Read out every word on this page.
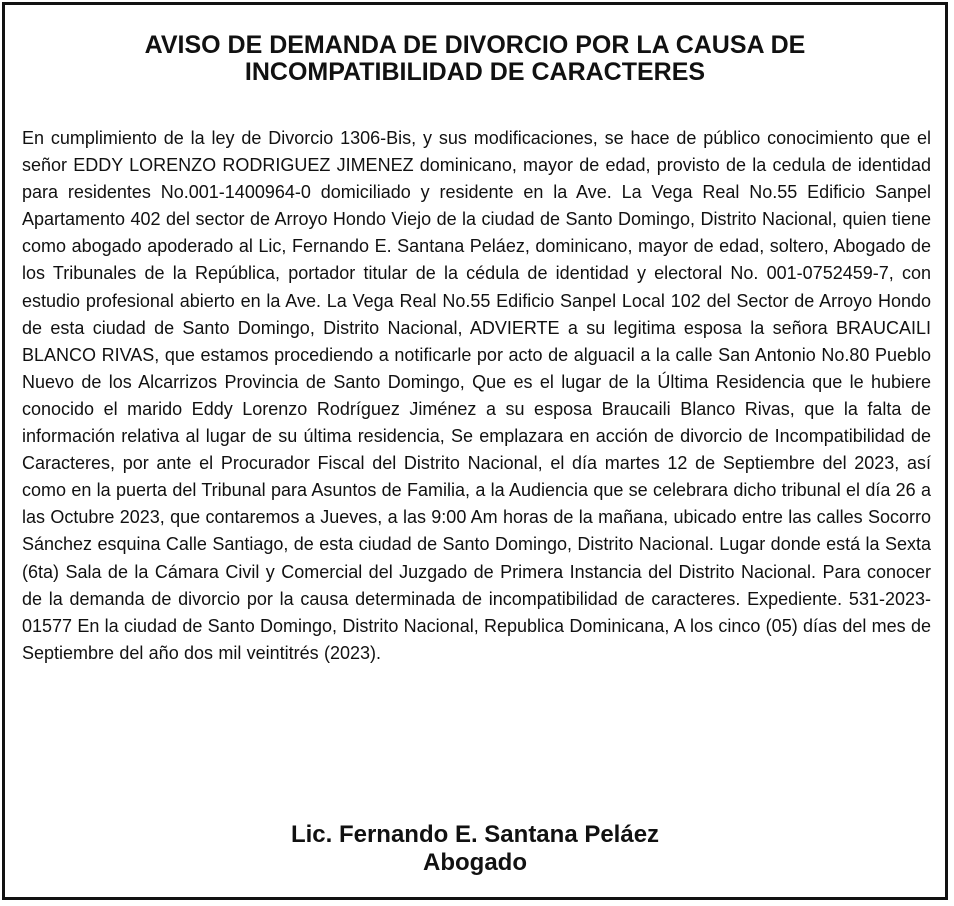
AVISO DE DEMANDA DE DIVORCIO POR LA CAUSA DE INCOMPATIBILIDAD DE CARACTERES

En cumplimiento de la ley de Divorcio 1306-Bis, y sus modificaciones, se hace de público conocimiento que el señor EDDY LORENZO RODRIGUEZ JIMENEZ dominicano, mayor de edad, provisto de la cedula de identidad para residentes No.001-1400964-0 domiciliado y residente en la Ave. La Vega Real No.55 Edificio Sanpel Apartamento 402 del sector de Arroyo Hondo Viejo de la ciudad de Santo Domingo, Distrito Nacional, quien tiene como abogado apoderado al Lic, Fernando E. Santana Peláez, dominicano, mayor de edad, soltero, Abogado de los Tribunales de la República, portador titular de la cédula de identidad y electoral No. 001-0752459-7, con estudio profesional abierto en la Ave. La Vega Real No.55 Edificio Sanpel Local 102 del Sector de Arroyo Hondo de esta ciudad de Santo Domingo, Distrito Nacional, ADVIERTE a su legitima esposa la señora BRAUCAILI BLANCO RIVAS, que estamos procediendo a notificarle por acto de alguacil a la calle San Antonio No.80 Pueblo Nuevo de los Alcarrizos Provincia de Santo Domingo, Que es el lugar de la Última Residencia que le hubiere conocido el marido Eddy Lorenzo Rodríguez Jiménez a su esposa Braucaili Blanco Rivas, que la falta de información relativa al lugar de su última residencia, Se emplazara en acción de divorcio de Incompatibilidad de Caracteres, por ante el Procurador Fiscal del Distrito Nacional, el día martes 12 de Septiembre del 2023, así como en la puerta del Tribunal para Asuntos de Familia, a la Audiencia que se celebrara dicho tribunal el día 26 a las Octubre 2023, que contaremos a Jueves, a las 9:00 Am horas de la mañana, ubicado entre las calles Socorro Sánchez esquina Calle Santiago, de esta ciudad de Santo Domingo, Distrito Nacional. Lugar donde está la Sexta (6ta) Sala de la Cámara Civil y Comercial del Juzgado de Primera Instancia del Distrito Nacional. Para conocer de la demanda de divorcio por la causa determinada de incompatibilidad de caracteres. Expediente. 531-2023-01577 En la ciudad de Santo Domingo, Distrito Nacional, Republica Dominicana, A los cinco (05) días del mes de Septiembre del año dos mil veintitrés (2023).

Lic. Fernando E. Santana Peláez
Abogado
